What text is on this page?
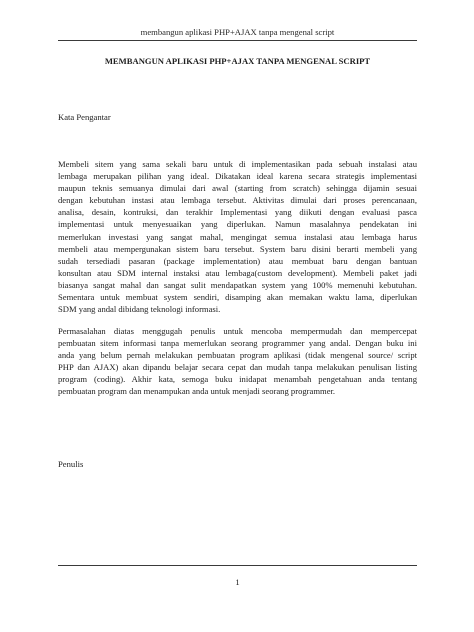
membangun aplikasi PHP+AJAX tanpa mengenal script
MEMBANGUN APLIKASI PHP+AJAX TANPA MENGENAL SCRIPT
Kata Pengantar
Membeli sitem yang sama sekali baru untuk di implementasikan pada sebuah instalasi atau
lembaga merupakan pilihan yang ideal. Dikatakan ideal karena secara strategis implementasi
maupun teknis semuanya dimulai dari awal (starting from scratch) sehingga dijamin sesuai
dengan kebutuhan instasi atau lembaga tersebut. Aktivitas dimulai dari proses perencanaan,
analisa, desain, kontruksi, dan terakhir Implementasi yang diikuti dengan evaluasi pasca
implementasi untuk menyesuaikan yang diperlukan. Namun masalahnya pendekatan ini
memerlukan investasi yang sangat mahal, mengingat semua instalasi atau lembaga harus
membeli atau mempergunakan sistem baru tersebut. System baru disini berarti membeli yang
sudah tersediadi pasaran (package implementation) atau membuat baru dengan bantuan
konsultan atau SDM internal instaksi atau lembaga(custom development). Membeli paket jadi
biasanya sangat mahal dan sangat sulit mendapatkan system yang 100% memenuhi kebutuhan.
Sementara untuk membuat system sendiri, disamping akan memakan waktu lama, diperlukan
SDM yang andal dibidang teknologi informasi.
Permasalahan diatas menggugah penulis untuk mencoba mempermudah dan mempercepat
pembuatan sitem informasi tanpa memerlukan seorang programmer yang andal. Dengan buku ini
anda yang belum pernah melakukan pembuatan program aplikasi (tidak mengenal source/ script
PHP dan AJAX) akan dipandu belajar secara cepat dan mudah tanpa melakukan penulisan listing
program (coding). Akhir kata, semoga buku inidapat menambah pengetahuan anda tentang
pembuatan program dan menampukan anda untuk menjadi seorang programmer.
Penulis
1
